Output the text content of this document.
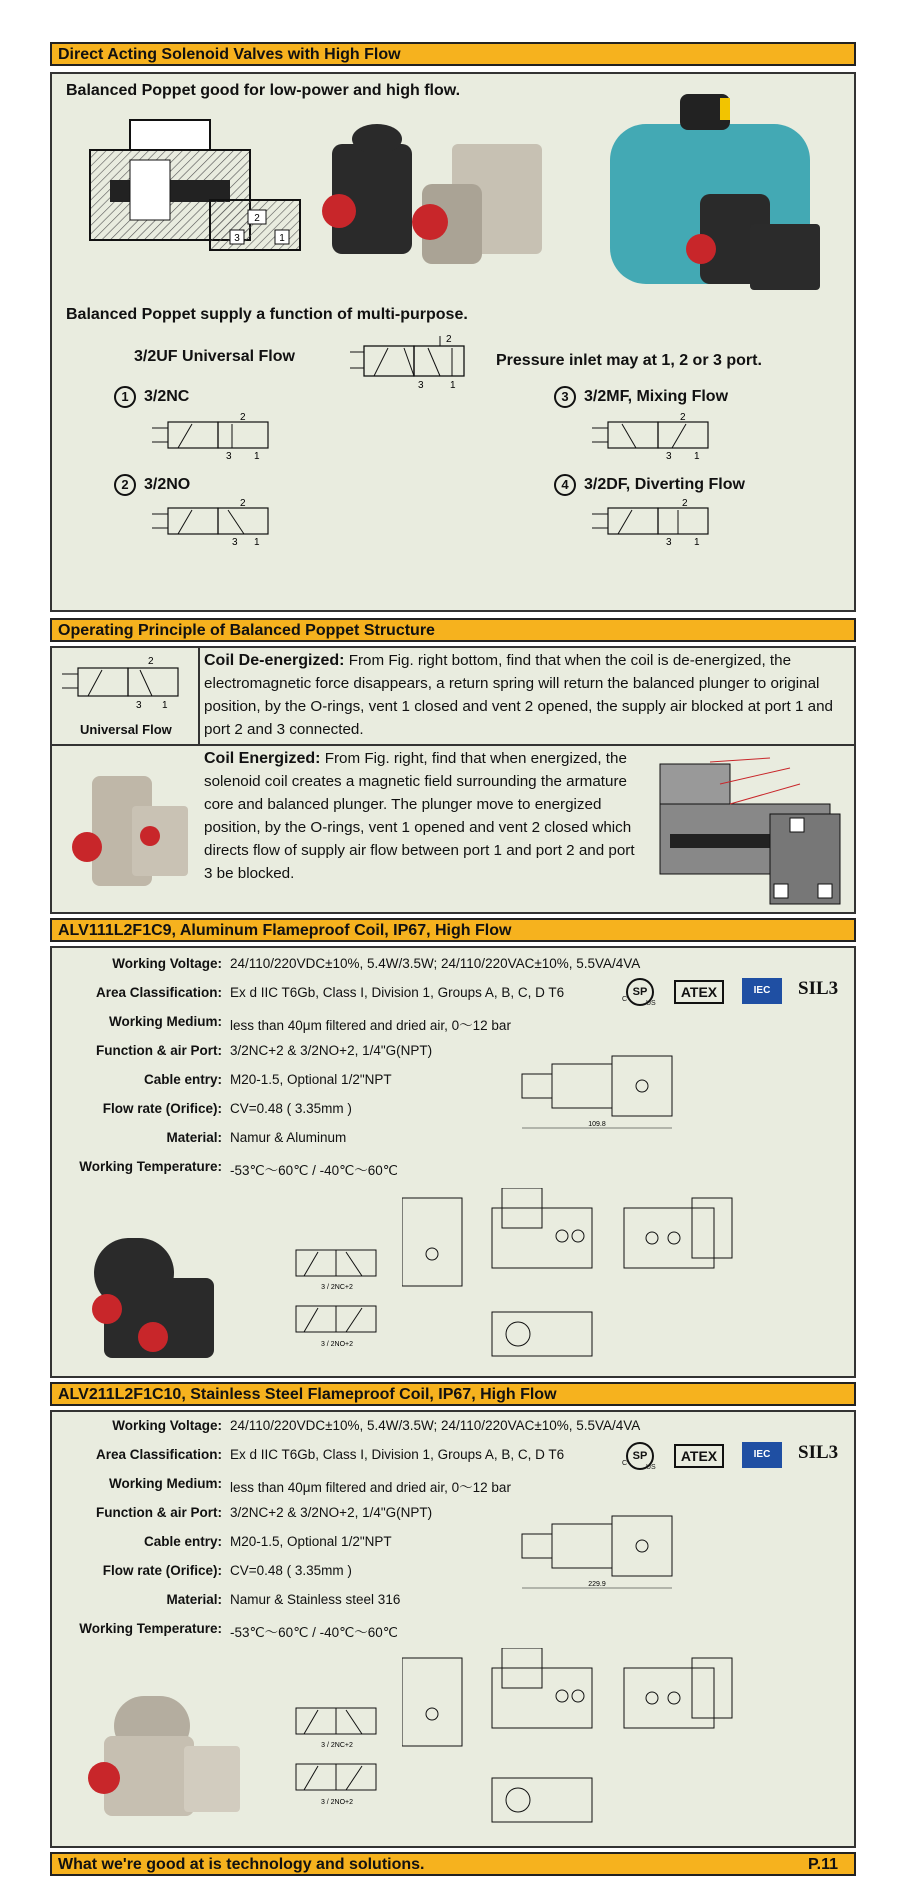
Direct Acting Solenoid Valves with High Flow
Balanced Poppet good for low-power and high flow.
2
3	1
Balanced Poppet supply a function of multi-purpose.
3/2UF Universal Flow	Pressure inlet may at 1, 2 or 3 port.
2
3	1
1 3/2NC
2
3 1
2 3/2NO
2
3 1
3 3/2MF, Mixing Flow
2
3 1
4 3/2DF, Diverting Flow
2
3 1
Operating Principle of Balanced Poppet Structure
2
3 1
Universal Flow
Coil De-energized: From Fig. right bottom, find that when the coil is de-energized, the electromagnetic force disappears, a return spring will return the balanced plunger to original position, by the O-rings, vent 1 closed and vent 2 opened, the supply air blocked at port 1 and port 2 and 3 connected.
Coil Energized: From Fig. right, find that when energized, the solenoid coil creates a magnetic field surrounding the armature core and balanced plunger. The plunger move to energized position, by the O-rings, vent 1 opened and vent 2 closed which directs flow of supply air flow between port 1 and port 2 and port 3 be blocked.
ALV111L2F1C9, Aluminum Flameproof Coil, IP67, High Flow
Working Voltage: 24/110/220VDC±10%, 5.4W/3.5W; 24/110/220VAC±10%, 5.5VA/4VA
Area Classification: Ex d IIC T6Gb, Class I, Division 1, Groups A, B, C, D T6
Working Medium: less than 40μm filtered and dried air, 0～12 bar
Function & air Port: 3/2NC+2 & 3/2NO+2, 1/4"G(NPT)
Cable entry: M20-1.5, Optional 1/2"NPT
Flow rate (Orifice): CV=0.48 ( 3.35mm )
Material: Namur & Aluminum
Working Temperature: -53℃～60℃ / -40℃～60℃
SP
C
US
ATEX	IEC	SIL3
109.8
3 / 2NC+2
3 / 2NO+2
ALV211L2F1C10, Stainless Steel Flameproof Coil, IP67, High Flow
Working Voltage: 24/110/220VDC±10%, 5.4W/3.5W; 24/110/220VAC±10%, 5.5VA/4VA
Area Classification: Ex d IIC T6Gb, Class I, Division 1, Groups A, B, C, D T6
Working Medium: less than 40μm filtered and dried air, 0～12 bar
Function & air Port: 3/2NC+2 & 3/2NO+2, 1/4"G(NPT)
Cable entry: M20-1.5, Optional 1/2"NPT
Flow rate (Orifice): CV=0.48 ( 3.35mm )
Material: Namur & Stainless steel 316
Working Temperature: -53℃～60℃ / -40℃～60℃
SP
C
US
ATEX	IEC	SIL3
229.9
3 / 2NC+2
3 / 2NO+2
What we're good at is technology and solutions.	P.11
